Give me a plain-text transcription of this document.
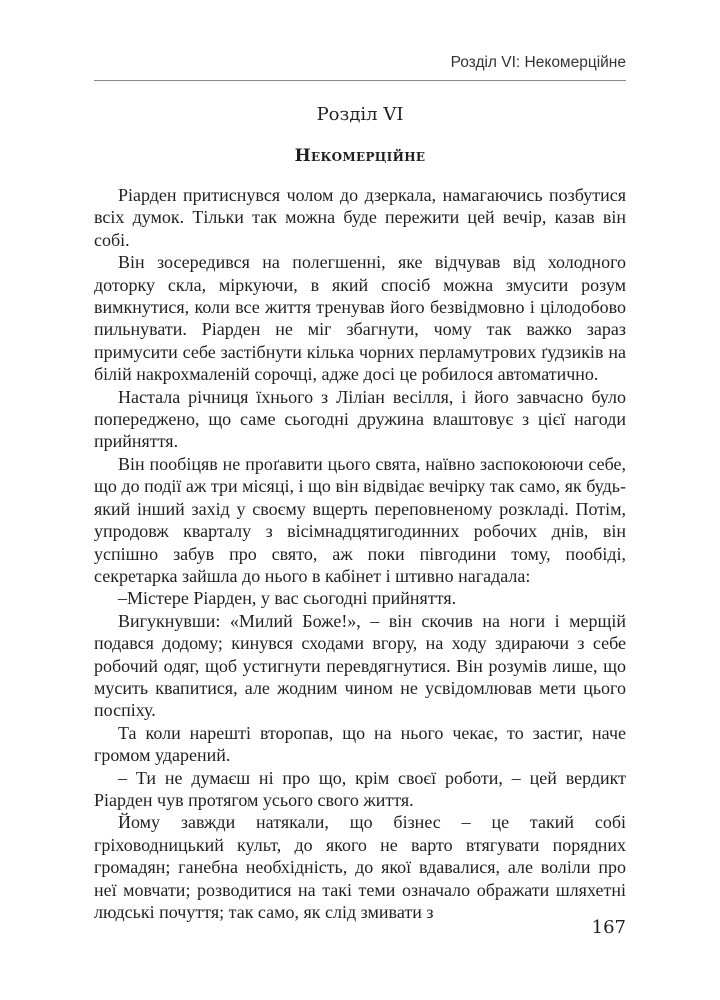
Розділ VI: Некомерційне
Розділ VI
Некомерційне

Ріарден притиснувся чолом до дзеркала, намагаючись позбутися всіх думок. Тільки так можна буде пережити цей вечір, казав він собі.

Він зосередився на полегшенні, яке відчував від холодного доторку скла, міркуючи, в який спосіб можна змусити розум вимкнутися, коли все життя тренував його безвідмовно і цілодобово пильнувати. Ріарден не міг збагнути, чому так важко зараз примусити себе застібнути кілька чорних перламутрових ґудзиків на білій накрохмаленій сорочці, адже досі це робилося автоматично.

Настала річниця їхнього з Ліліан весілля, і його завчасно було попереджено, що саме сьогодні дружина влаштовує з цієї нагоди прийняття.

Він пообіцяв не проґавити цього свята, наївно заспокоюючи себе, що до події аж три місяці, і що він відвідає вечірку так само, як будь-який інший захід у своєму вщерть переповненому розкладі. Потім, упродовж кварталу з вісімнадцятигодинних робочих днів, він успішно забув про свято, аж поки півгодини тому, пообіді, секретарка зайшла до нього в кабінет і штивно нагадала:

–Містере Ріарден, у вас сьогодні прийняття.

Вигукнувши: «Милий Боже!», – він скочив на ноги і мерщій подався додому; кинувся сходами вгору, на ходу здираючи з себе робочий одяг, щоб устигнути перевдягнутися. Він розумів лише, що мусить квапитися, але жодним чином не усвідомлював мети цього поспіху.

Та коли нарешті второпав, що на нього чекає, то застиг, наче громом ударений.

– Ти не думаєш ні про що, крім своєї роботи, – цей вердикт Ріарден чув протягом усього свого життя.

Йому завжди натякали, що бізнес – це такий собі гріховодницький культ, до якого не варто втягувати порядних громадян; ганебна необхідність, до якої вдавалися, але воліли про неї мовчати; розводитися на такі теми означало ображати шляхетні людські почуття; так само, як слід змивати з

167
